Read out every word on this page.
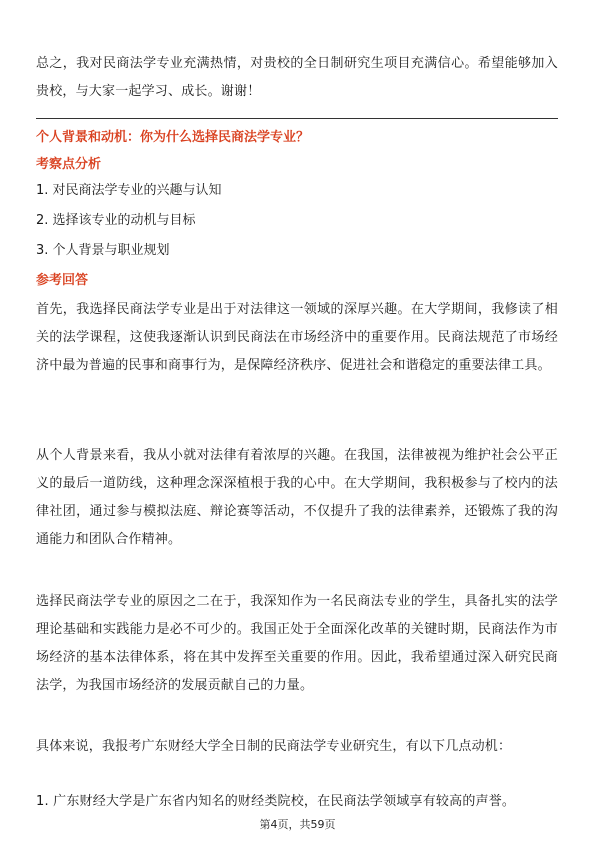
总之，我对民商法学专业充满热情，对贵校的全日制研究生项目充满信心。希望能够加入贵校，与大家一起学习、成长。谢谢！

个人背景和动机：你为什么选择民商法学专业？
考察点分析
1. 对民商法学专业的兴趣与认知
2. 选择该专业的动机与目标
3. 个人背景与职业规划
参考回答

首先，我选择民商法学专业是出于对法律这一领域的深厚兴趣。在大学期间，我修读了相关的法学课程，这使我逐渐认识到民商法在市场经济中的重要作用。民商法规范了市场经济中最为普遍的民事和商事行为，是保障经济秩序、促进社会和谐稳定的重要法律工具。

从个人背景来看，我从小就对法律有着浓厚的兴趣。在我国，法律被视为维护社会公平正义的最后一道防线，这种理念深深植根于我的心中。在大学期间，我积极参与了校内的法律社团，通过参与模拟法庭、辩论赛等活动，不仅提升了我的法律素养，还锻炼了我的沟通能力和团队合作精神。

选择民商法学专业的原因之二在于，我深知作为一名民商法专业的学生，具备扎实的法学理论基础和实践能力是必不可少的。我国正处于全面深化改革的关键时期，民商法作为市场经济的基本法律体系，将在其中发挥至关重要的作用。因此，我希望通过深入研究民商法学，为我国市场经济的发展贡献自己的力量。

具体来说，我报考广东财经大学全日制的民商法学专业研究生，有以下几点动机：

1. 广东财经大学是广东省内知名的财经类院校，在民商法学领域享有较高的声誉。

第4页，共59页
